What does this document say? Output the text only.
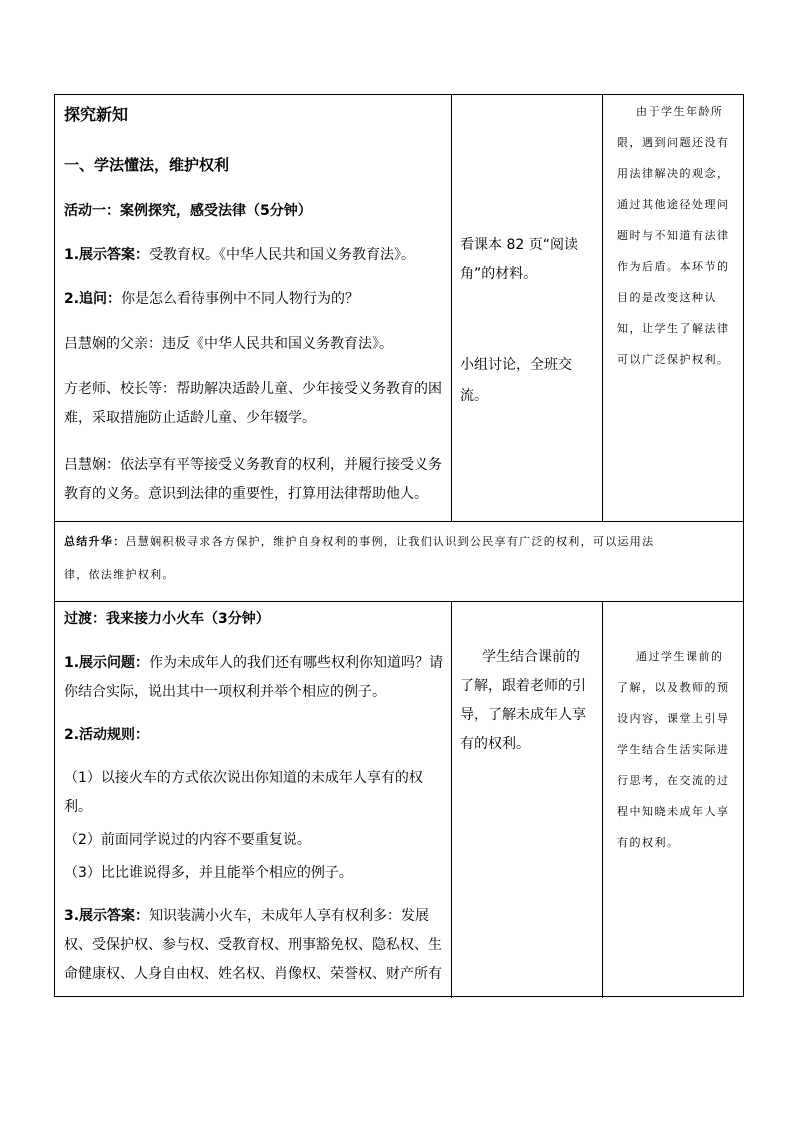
探究新知
一、学法懂法，维护权利
活动一：案例探究，感受法律（5分钟）
1.展示答案：受教育权。《中华人民共和国义务教育法》。
2.追问：你是怎么看待事例中不同人物行为的？
吕慧娴的父亲：违反《中华人民共和国义务教育法》。
方老师、校长等：帮助解决适龄儿童、少年接受义务教育的困
难，采取措施防止适龄儿童、少年辍学。
吕慧娴：依法享有平等接受义务教育的权利，并履行接受义务
教育的义务。意识到法律的重要性，打算用法律帮助他人。
看课本 82 页“阅读
角”的材料。
小组讨论，全班交
流。
由于学生年龄所
限，遇到问题还没有
用法律解决的观念，
通过其他途径处理问
题时与不知道有法律
作为后盾。本环节的
目的是改变这种认
知，让学生了解法律
可以广泛保护权利。
总结升华：吕慧娴积极寻求各方保护，维护自身权利的事例，让我们认识到公民享有广泛的权利，可以运用法
律，依法维护权利。
过渡：我来接力小火车（3分钟）
1.展示问题：作为未成年人的我们还有哪些权利你知道吗？请
你结合实际，说出其中一项权利并举个相应的例子。
2.活动规则：
（1）以接火车的方式依次说出你知道的未成年人享有的权
利。
（2）前面同学说过的内容不要重复说。
（3）比比谁说得多，并且能举个相应的例子。
3.展示答案：知识装满小火车，未成年人享有权利多：发展
权、受保护权、参与权、受教育权、刑事豁免权、隐私权、生
命健康权、人身自由权、姓名权、肖像权、荣誉权、财产所有
学生结合课前的
了解，跟着老师的引
导，了解未成年人享
有的权利。
通过学生课前的
了解，以及教师的预
设内容，课堂上引导
学生结合生活实际进
行思考，在交流的过
程中知晓未成年人享
有的权利。
